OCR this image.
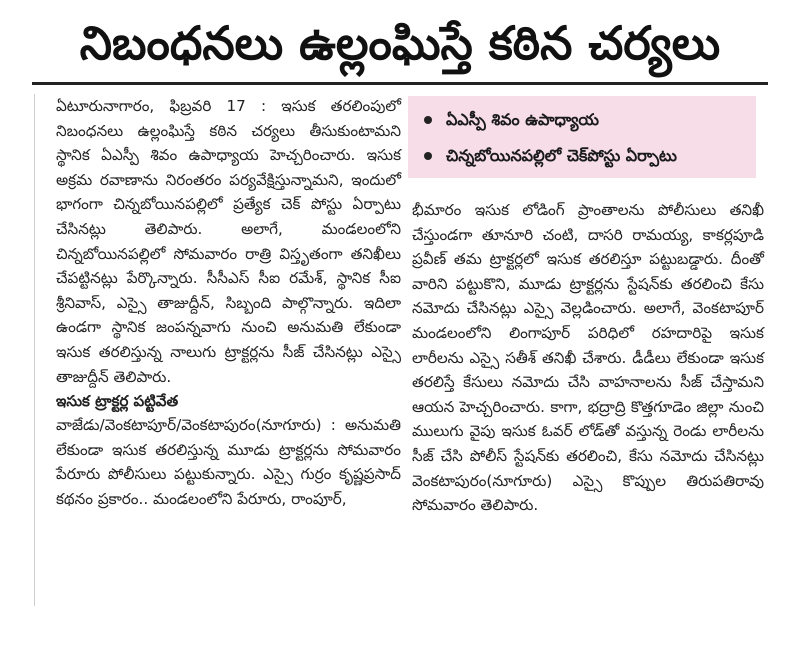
నిబంధనలు ఉల్లంఘిస్తే కఠిన చర్యలు

ఏటూరునాగారం, ఫిబ్రవరి 17 : ఇసుక తరలింపులో నిబంధనలు ఉల్లంఘిస్తే కఠిన చర్యలు తీసుకుంటామని స్థానిక ఏఎస్పీ శివం ఉపాధ్యాయ హెచ్చరించారు. ఇసుక అక్రమ రవాణాను నిరంతరం పర్యవేక్షిస్తున్నామని, ఇందులో భాగంగా చిన్నబోయినపల్లిలో ప్రత్యేక చెక్ పోస్టు ఏర్పాటు చేసినట్లు తెలిపారు. అలాగే, మండలంలోని చిన్నబోయినపల్లిలో సోమవారం రాత్రి విస్తృతంగా తనిఖీలు చేపట్టినట్లు పేర్కొన్నారు. సీసీఎస్ సీఐ రమేశ్, స్థానిక సీఐ శ్రీనివాస్, ఎస్సై తాజుద్దీన్, సిబ్బంది పాల్గొన్నారు. ఇదిలా ఉండగా స్థానిక జంపన్నవాగు నుంచి అనుమతి లేకుండా ఇసుక తరలిస్తున్న నాలుగు ట్రాక్టర్లను సీజ్ చేసినట్లు ఎస్సై తాజుద్దీన్ తెలిపారు.

ఇసుక ట్రాక్టర్ల పట్టివేత

వాజేడు/వెంకటాపూర్/వెంకటాపురం(నూగూరు) : అనుమతి లేకుండా ఇసుక తరలిస్తున్న మూడు ట్రాక్టర్లను సోమవారం పేరూరు పోలీసులు పట్టుకున్నారు. ఎస్సై గుర్రం కృష్ణప్రసాద్ కథనం ప్రకారం.. మండలంలోని పేరూరు, రాంపూర్,

ఏఎస్పీ శివం ఉపాధ్యాయ
చిన్నబోయినపల్లిలో చెక్‌పోస్టు ఏర్పాటు

భీమారం ఇసుక లోడింగ్ ప్రాంతాలను పోలీసులు తనిఖీ చేస్తుండగా తూనూరి చంటి, దాసరి రామయ్య, కాకర్లపూడి ప్రవీణ్ తమ ట్రాక్టర్లలో ఇసుక తరలిస్తూ పట్టుబడ్డారు. దీంతో వారిని పట్టుకొని, మూడు ట్రాక్టర్లను స్టేషన్‌కు తరలించి కేసు నమోదు చేసినట్లు ఎస్సై వెల్లడించారు. అలాగే, వెంకటాపూర్ మండలంలోని లింగాపూర్ పరిధిలో రహదారిపై ఇసుక లారీలను ఎస్సై సతీశ్ తనిఖీ చేశారు. డీడీలు లేకుండా ఇసుక తరలిస్తే కేసులు నమోదు చేసి వాహనాలను సీజ్ చేస్తామని ఆయన హెచ్చరించారు. కాగా, భద్రాద్రి కొత్తగూడెం జిల్లా నుంచి ములుగు వైపు ఇసుక ఓవర్ లోడ్‌తో వస్తున్న రెండు లారీలను సీజ్ చేసి పోలీస్ స్టేషన్‌కు తరలించి, కేసు నమోదు చేసినట్లు వెంకటాపురం(నూగూరు) ఎస్సై కొప్పుల తిరుపతిరావు సోమవారం తెలిపారు.
